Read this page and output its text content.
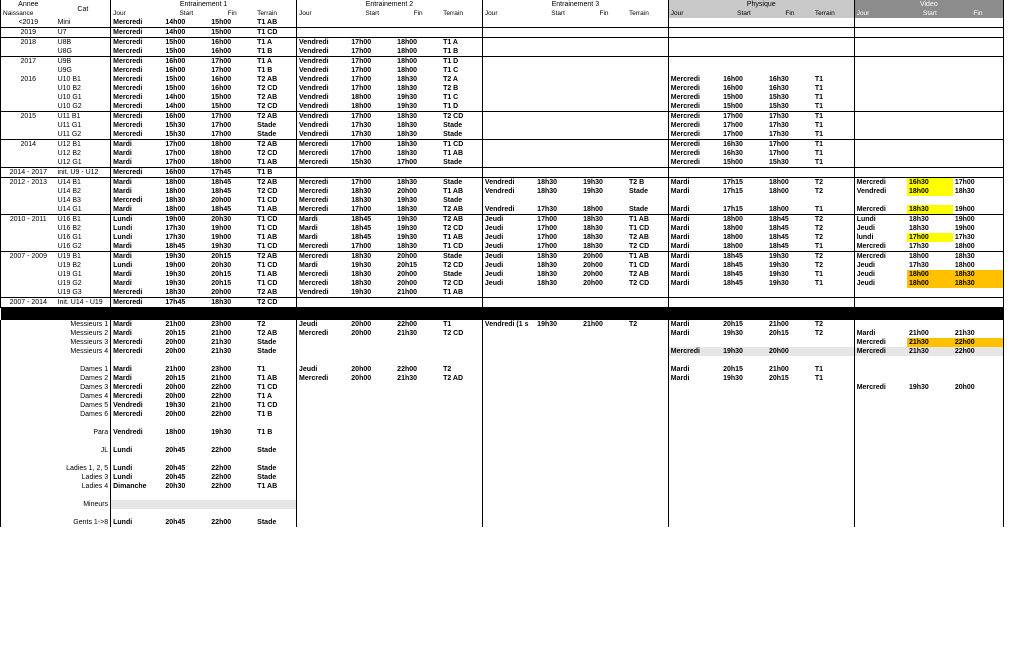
Annee	Cat	Entrainement 1				Entrainement 2				Entrainement 3				Physique				Video		
Naissance		Jour	Start	Fin	Terrain	Jour	Start	Fin	Terrain	Jour	Start	Fin	Terrain	Jour	Start	Fin	Terrain	Jour	Start	Fin
<2019	Mini	Mercredi	14h00	15h00	T1 AB															
2019	U7	Mercredi	14h00	15h00	T1 CD															
2018	U8B	Mercredi	15h00	16h00	T1 A	Vendredi	17h00	18h00	T1 A											
	U8G	Mercredi	15h00	16h00	T1 B	Vendredi	17h00	18h00	T1 B											
2017	U9B	Mercredi	16h00	17h00	T1 A	Vendredi	17h00	18h00	T1 D											
	U9G	Mercredi	16h00	17h00	T1 B	Vendredi	17h00	18h00	T1 C											
2016	U10 B1	Mercredi	15h00	16h00	T2 AB	Vendredi	17h00	18h30	T2 A					Mercredi	16h00	16h30	T1			
	U10 B2	Mercredi	15h00	16h00	T2 CD	Vendredi	17h00	18h30	T2 B					Mercredi	16h00	16h30	T1			
	U10 G1	Mercredi	14h00	15h00	T2 AB	Vendredi	18h00	19h30	T1 C					Mercredi	15h00	15h30	T1			
	U10 G2	Mercredi	14h00	15h00	T2 CD	Vendredi	18h00	19h30	T1 D					Mercredi	15h00	15h30	T1			
2015	U11 B1	Mercredi	16h00	17h00	T2 AB	Vendredi	17h00	18h30	T2 CD					Mercredi	17h00	17h30	T1			
	U11 G1	Mercredi	15h30	17h00	Stade	Vendredi	17h30	18h30	Stade					Mercredi	17h00	17h30	T1			
	U11 G2	Mercredi	15h30	17h00	Stade	Vendredi	17h30	18h30	Stade					Mercredi	17h00	17h30	T1			
2014	U12 B1	Mardi	17h00	18h00	T2 AB	Mercredi	17h00	18h30	T1 CD					Mercredi	16h30	17h00	T1			
	U12 B2	Mardi	17h00	18h00	T2 CD	Mercredi	17h00	18h30	T1 AB					Mercredi	16h30	17h00	T1			
	U12 G1	Mardi	17h00	18h00	T1 AB	Mercredi	15h30	17h00	Stade					Mercredi	15h00	15h30	T1			
2014 - 2017	init. U9 - U12	Mercredi	16h00	17h45	T1 B															
2012 - 2013	U14 B1	Mardi	18h00	18h45	T2 AB	Mercredi	17h00	18h30	Stade	Vendredi	18h30	19h30	T2 B	Mardi	17h15	18h00	T2	Mercredi	16h30	17h00
	U14 B2	Mardi	18h00	18h45	T2 CD	Mercredi	18h30	20h00	T1 AB	Vendredi	18h30	19h30	Stade	Mardi	17h15	18h00	T2	Vendredi	18h00	18h30
	U14 B3	Mercredi	18h30	20h00	T1 CD	Mercredi	18h30	19h30	Stade											
	U14 G1	Mardi	18h00	18h45	T1 AB	Mercredi	17h00	18h30	T2 AB	Vendredi	17h30	18h00	Stade	Mardi	17h15	18h00	T1	Mercredi	18h30	19h00
2010 - 2011	U16 B1	Lundi	19h00	20h30	T1 CD	Mardi	18h45	19h30	T2 AB	Jeudi	17h00	18h30	T1 AB	Mardi	18h00	18h45	T2	Lundi	18h30	19h00
	U16 B2	Lundi	17h30	19h00	T1 CD	Mardi	18h45	19h30	T2 CD	Jeudi	17h00	18h30	T1 CD	Mardi	18h00	18h45	T2	Jeudi	18h30	19h00
	U16 G1	Lundi	17h30	19h00	T1 AB	Mardi	18h45	19h30	T1 AB	Jeudi	17h00	18h30	T2 AB	Mardi	18h00	18h45	T2	lundi	17h00	17h30
	U16 G2	Mardi	18h45	19h30	T1 CD	Mercredi	17h00	18h30	T1 CD	Jeudi	17h00	18h30	T2 CD	Mardi	18h00	18h45	T1	Mercredi	17h30	18h00
2007 - 2009	U19 B1	Mardi	19h30	20h15	T2 AB	Mercredi	18h30	20h00	Stade	Jeudi	18h30	20h00	T1 AB	Mardi	18h45	19h30	T2	Mercredi	18h00	18h30
	U19 B2	Lundi	19h00	20h30	T1 CD	Mardi	19h30	20h15	T2 CD	Jeudi	18h30	20h00	T1 CD	Mardi	18h45	19h30	T2	Jeudi	17h30	18h00
	U19 G1	Mardi	19h30	20h15	T1 AB	Mercredi	18h30	20h00	Stade	Jeudi	18h30	20h00	T2 AB	Mardi	18h45	19h30	T1	Jeudi	18h00	18h30
	U19 G2	Mardi	19h30	20h15	T1 CD	Mercredi	18h30	20h00	T2 CD	Jeudi	18h30	20h00	T2 CD	Mardi	18h45	19h30	T1	Jeudi	18h00	18h30
	U19 G3	Mercredi	18h30	20h00	T2 AB	Vendredi	19h30	21h00	T1 AB											
2007 - 2014	Init. U14 - U19	Mercredi	17h45	18h30	T2 CD															

	Messieurs 1	Mardi	21h00	23h00	T2	Jeudi	20h00	22h00	T1	Vendredi (1 s	19h30	21h00	T2	Mardi	20h15	21h00	T2			
	Messieurs 2	Mardi	20h15	21h00	T2 AB	Mercredi	20h00	21h30	T2 CD					Mardi	19h30	20h15	T2	Mardi	21h00	21h30
	Messieurs 3	Mercredi	20h00	21h30	Stade													Mercredi	21h30	22h00
	Messieurs 4	Mercredi	20h00	21h30	Stade									Mercredi	19h30	20h00		Mercredi	21h30	22h00

	Dames 1	Mardi	21h00	23h00	T1	Jeudi	20h00	22h00	T2					Mardi	20h15	21h00	T1			
	Dames 2	Mardi	20h15	21h00	T1 AB	Mercredi	20h00	21h30	T2 AD					Mardi	19h30	20h15	T1			
	Dames 3	Mercredi	20h00	22h00	T1 CD													Mercredi	19h30	20h00
	Dames 4	Mercredi	20h00	22h00	T1 A															
	Dames 5	Vendredi	19h30	21h00	T1 CD															
	Dames 6	Mercredi	20h00	22h00	T1 B															

	Para	Vendredi	18h00	19h30	T1 B															

	JL	Lundi	20h45	22h00	Stade															

	Ladies 1, 2, 5	Lundi	20h45	22h00	Stade															
	Ladies 3	Lundi	20h45	22h00	Stade															
	Ladies 4	Dimanche	20h30	22h00	T1 AB															

	Mineurs																			

	Gents 1->8	Lundi	20h45	22h00	Stade															
